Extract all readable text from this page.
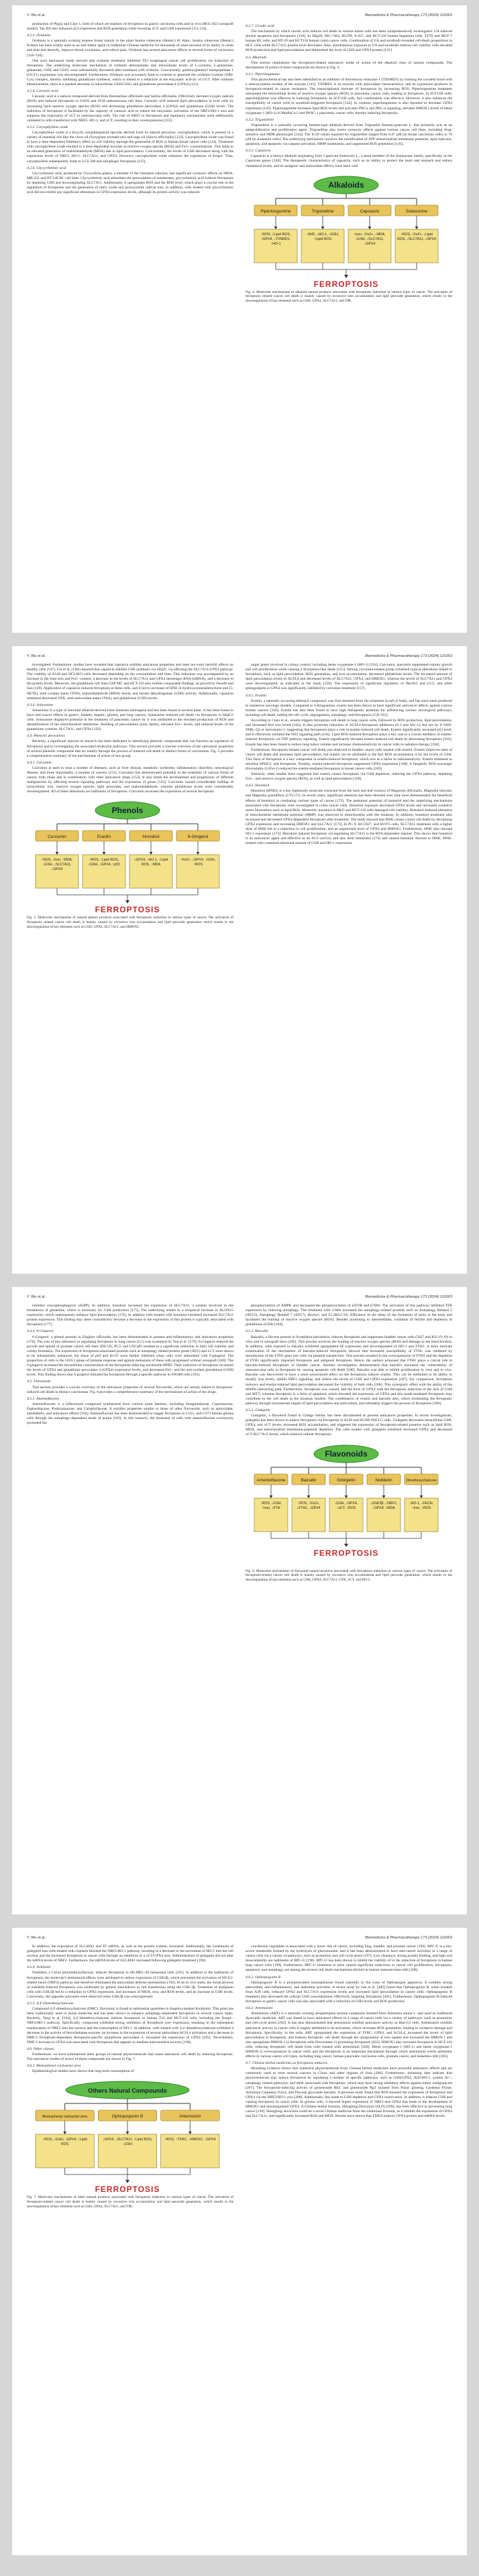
Y. Wu et al.	Biomedicine & Pharmacotherapy 173 (2024) 116363

production of Pkgs2 and Clpx-1, both of which are markers of ferroptosis in gastric carcinoma cells and in vivo (BGC-823 xenograft model). Tan IIA also enhances p53 expression and ROS generation while lowering xCT, and GSH expression [111,114].

4.2.3. Oridonin

Oridonin is a naturally existing terpene found mainly in the plant Isodon rubescens (Hemsl.) H. Hara.. Isodon rubescens (Hemsl.) H.Hara has been widely used as an anti-tumor agent in traditional Chinese medicine for thousands of years because of its ability to clean and heat and detoxify, improve blood circulation, and relieve pain. Oridonin has several anticancer effects in several forms of carcinoma [118–120].

One such anticancer study showed that oridonin treatment inhibited TE1 esophageal cancer cell proliferation via induction of ferroptosis. The underlying molecular mechanism of oridonin demonstrates that intracellular levels of L-cysteine, L-glutamine, glutamate, GSH, and GSSG were substantially decreased after treatment with oridonin. Concurrently, gamma-glutamyl transpeptidase 1 (GGT1) expression was downregulated. Furthermore, Oridonin was accurately bind to cysteine to generate the oridonin-cysteine (ORI-Cys) complex, thereby inhibiting glutathione synthesis, which is linked to a reduction in the enzymatic activity of GGT. After oridonin administration, there is a marked decrease in intracellular GSH/GSSG and glutathione peroxidase 4 (GPX4) [121].

4.2.4. Carnosic acid

Carnosic acid is a natural compound derived from Rosmarinus officinalis and Salvia officinalis. Effectively elevated oxygen radicals (ROS) and induced ferroptosis in U2OS and SCH osteosarcoma cell lines. Carnosic acid reduced lipid peroxidation in liver cells by increasing lipid reactive oxygen species (ROS) and decreasing glutathione peroxidase 4 (GPX4) and glutathione (GSH) levels. The induction of ferroptosis is facilitated by the capacity of carnosic acid to reduce the enzymatic activation of the NRF2/HO-1 axis and suppress the expression of xCT in osteosarcoma cells. The role of NRF2 in ferroptosis and regulatory mechanisms were additionally validated in cells transfected with NRF2, HO-1, and xCT, resulting in their overexpression [122].

4.2.5. Caryophyllene oxide

Caryophyllene oxide is a bicyclic sesquiterpenoid epoxide derived from its natural precursor, caryophyllene, which is present in a variety of essential oils like the clove oil (Syzygium aromaticum) and sage oil (Salvia officinalis) [123]. Caryophyllene oxide was found to have a dose-dependent inhibitory effect on cell viability through the generation of ROS in human breast cancer cells [124]. Treatment with caryophyllene oxide resulted in a dose-dependent increase in reactive oxygen species (ROS) and Fe2+ concentrations. This leads to an elevated generation of malondialdehyde (MDA) due to lipid peroxidation. Concurrently, the levels of GSH decreased along with the expression levels of NRF2, HO-1, SLC7A11, and GPX4. However, caryophyllene oxide enhances the expression of Keap1. Thus, caryophyllene subsequently leads to LCS-3M and autophagic ferroptosis [125].

4.2.6. Glycyrrhetinic acid

Glycyrrhetinic acid, produced by Glycyrrhiza glabra, a member of the triterpene subclass, has significant cytotoxic effects on MDA-MB-231 and BT-549 BC cell lines. Glycyrrhetinic acid stimulates the peroxidation of membranes, glycyrrhetinic acid induces ferroptosis by depleting GSH and downregulating SLC7A11. Additionally, it upregulates ROS and the ROS level, which plays a crucial role in the regulation of ferroptosis and the generation of nitric oxide and peroxynitrite radical ions. In addition, cells treated with glycyrrhetinic acid did not exhibit any significant alterations in GPX4 expression levels, although its protein activity was reduced.

4.2.7. Ursolic acid

The mechanism by which ursolic acid induces cell death in various tumor cells has been comprehensively investigated. UA induced several apoptosis and ferroptosis [130]. In SKp28, MG-7402, H1299, A-427, and HCT-116 human hepatoma cells, T47D and MCF-7 human BC cells, and HT-29 and HCT116 human colon cancer cells. Combination of UA and sorafenib revealed cell-death proportions in HCC cells while SLC7A11 protein level decreases. Also, simultaneous exposure to UA and sorafenib reduces cell viability with elevated ROS production and lipid peroxidation and diminished the level of GSH and GPX4 protein [131].

4.3. Alkaloids

This section emphasizes the ferroptosis-related anticancer mode of action of the alkaloid class of natural compounds. The mechanisms of action of these compounds are shown in Fig. 4.

4.3.1. Piperlongumine

This phytochemical has also been identified as an inhibitor of thioredoxin reductase 1 (TXNRD1) by forming the covalent bond with a selenocysteine residue of the enzyme [141]. TXNRD1 is an enzyme with antioxidant characteristics, and its expression produces in ferroptosis-related in cancer resistance. The transcriptional increase of ferroptosis by increasing ROS. Piperlongumine treatment stimulated the intracellular levels of reactive oxygen species (ROS) in pancreatic cancer cells, leading to ferroptosis. In SCF11H cells, piperlongumine was effective in inducing ferroptosis. In SCF11H cells, this combination was effective. However, it also enhances the susceptibility of cancer cells to sorafenib-triggered ferroptosis [142]. In contrast, piperlongumine is also reported to decrease GPX4 expression [143]. Piperlongumine increases lipid ROS levels and activates PKCα and PKC-α signaling, elevates HMOX1 levels of heme oxygenase-1 (HO-1) in MiaPaCa-2 and PANC-1 pancreatic cancer cells, thereby inducing ferroptosis.

4.3.2. Trigonelline

Trigonelline is a naturally occurring betaine-type alkaloid derived from Trigonella foenum-graecum L. that primarily acts as an antiproliferative and proliferative agent. Trigonelline also exerts cytotoxic effects against various cancer cell lines, including drug-sensitive and MDR phenotypes [144]. The IC50 values reported for trigonelline ranged from 0.47 µM (in breast carcinoma cells) to 78 µM (in leukemia cells). The underlying mechanism involves the modification of ATP mitochondrial membrane potential, lipid rejection, apoptosis, and apoptotic via caspase activation, MMP modulation, and augmented ROS generation [145].

4.3.3. Capsaicin

Capsaicin is a benzyl alkaloid originating from Capsicum frutescens L., a plant member of the Solanaceae family, specifically in the Capsicum genus [146]. The therapeutic characteristics of capsaicin, such as its ability to protect the heart and stomach and reduce cholesterol levels, and its analgesic and antioxidant effects, have been well

Alkaloids
Piperlongumine
↑ROS, ↑Lipid ROS,
↓GPX4, ↓TXNRD1,
↑HO-1
Trigonelline
↓Nrf2, ↓HO-1, ↓GSH,
↑Lipid ROS
Capsaicin
↑Iron, ↑Fe2+, ↑MDA,
↓GSH, ↓SLC7A11,
↓GPX4
Solasonine
↑ROS, ↑Fe2+, ↑Lipid
ROS, ↓SLC7A11, ↓GPX4
FERROPTOSIS
Fig. 4. Molecular mechanisms of alkaloid natural products associated with ferroptosis induction in various types of cancer. The activation of ferroptosis related cancer cell death is mainly caused by excessive iron accumulation and lipid peroxide generation, which results in the downregulation of key elements such as GSH, GPX4, SLC7A11, and TfR.
Y. Wu et al.	Biomedicine & Pharmacotherapy 173 (2024) 116363

investigated. Furthermore, studies have revealed that capsaicin exhibits anticancer properties and does not exert harmful effects on healthy cells [147]. Liu et al. [148] reported that capsaicin inhibits GSH synthesis via SIQ3C via affecting the SLC7A11/GPX4 pathway. The viability of A549 and NCI-H23 cells decreased depending on the concentration and time. This reduction was accompanied by an increase in the total iron and Fe2+ content, a decrease in the levels of SLC7A11 and GPX4 messenger RNA (mRNA), and a decrease in the protein levels. Moreover, the glutathione cell lines GSP-MC and HCT-116 also exhibit comparable findings, as proved by Osoulli and Sun [149]. Application of capsaicin induced ferroptosis in these cells, and it led to increases of HNE (4-hydroxynonenalstructures and (5-HETE), total oxidant status (TOS), malondialdehyde (MDA) levels, and lactate dehydrogenase (LDH) activity. Additionally, capsaicin treatment decreased GPX, total antioxidant status (TAS), and glutathione (GSH) levels.

4.3.4. Solasonine

Solasonine is a type of steroidal alkaloid derived from Solanum melongena and has been found in several plant. It has been found to have anti-cancer effects in gastric, bladder, hepatic, glioma, and lung cancers. Solasonine induced cell death via ferroptosis in HepG2 cells. Solasonine displayed potential in the treatment of pancreatic cancer by it was attributed to the elevated production of ROS and destabilization of the mitochondrial membrane. Building of peroxidation (poor lipids), elevated Fe2+ levels, and reduced levels of the glutathione cysteine, SLC7A11, and GPX4 [150].

4.4. Phenolic derivatives

Recently, a significant amount of research has been dedicated to identifying phenolic compounds that can function as regulators of ferroptosis and to investigating the associated molecular pathways. This section provides a concise overview of the anticancer properties of several phenolic compounds that act mainly through the process of induced cell death in distinct forms of carcinomas. Fig. 5 provides a comprehensive summary of the mechanisms of action of this group.

4.4.1. Curcumin

Curcumin is used to treat a number of illnesses, such as liver disease, metabolic syndrome, inflammatory disorders, neurological disease, and more importantly, a number of cancers [151]. Curcumin has demonstrated potential in the treatment of various forms of cancer, both alone and in combination with other anticancer drugs [152]. It also limits the development and progression of different malignancies by affecting several signaling pathways and the expression of genes [153]. Curcumin caused considerable buildup of intracellular iron, reactive oxygen species, lipid peroxides, and malondialdehyde, whereas glutathione levels were considerably downregulated. All of these alterations are hallmarks of ferroptosis. Curcumin increases the expression of several ferroptosis

Phenols
Curcumin
↑ROS, ↑Iron, ↑MDA,
↓GSH, ↓SLC7A11,
↓GPX4
Erastin
↑ROS, ↑Lipid ROS,
↓GSH, ↓GPX4, ↑p53
Honokiol
↓GPX4, ↑HO-1, ↑Lipid
ROS, ↑MDA
6-Gingerol
↑Fe2+, ↓GPX4, ↓GSH,
↑ROS
FERROPTOSIS
Fig. 5. Molecular mechanisms of natural phenol products associated with ferroptosis induction in various types of cancer. The activation of ferroptosis related cancer cell death is mainly caused by excessive iron accumulation and lipid peroxide generation which results in the downregulation of key elements such as GSH, GPX4, SLC7A11, and HMOX1.

target genes involved in colony control, including heme oxygenase-1 (HO-1) [154]. Curcumin, quercetin suppressed tumour growth and cell proliferation while causing a ferroptosis-like death [155]. Among curcumin-treated group exhibited typical alterations linked to ferroptosis, such as lipid peroxidation, ROS generation, and iron accumulation, decreased glutathione levels. The increased amount of lipid peroxidation levels of ACSL4 and decreased levels of SLC7A11, GPX4, and HMOX1, whereas the levels of SLC7A11 and GPX4 were downregulated, as indicated in the study [156]. The expression of significant regulators of Beclin1 and LC3, and other sphingolipids in GPX4 was significantly inhibited by curcumin treatment [157].

4.4.2. Erastin

Erastin, a naturally occurring bibenzyl compound, was first obtained from the ornament (Leaf) is India, and has since been produced in numerous oncology models. Compared to 6-thioguanine, erastin has been shown to have significant anticancer effects against various human cancers [158]. Erastin has also been found to have high therapeutic potential for influencing various oncological pathways, including cell death, halting the cell cycle, angiogenesis, autophagy, and ferroptosis [159–161].

According to Chen et al., erastin triggers ferroptosis cell death in lung cancer cells, followed by ROS production, lipid peroxidation, and increased free iron levels [162]. It also promotes induction of ACSL4-ferroptosis inhibitors (S-1 and SSc-1), but not by Z-VAD-FMK, Q2 or necrostatin-1, suggesting that ferroptosis plays a role in erastin-induced cell death. Erastin significantly increased p53 level, and it effectively initiated the Nrf2 signaling path [163]. Lipid ROS-induced ferroptosis plays a key role in a crucial mediator of erastin-induced ferroptosis via TNF pathway signaling. Erastin significantly elevated erastin-induced cell death by decreasing ferroptosis [163]. Erastin has also been found to reduce lung tumor volume and increase chemosensitivity in cancer cells to radiation therapy [164].

Furthermore, ferroptosis-related cancer cell death was observed in bladder cancer cells treated with erastin. Erastin improves rates of cancer cell death and increases lipid peroxidation, but erastin can be attributed to the fact ROS accumulation is by the levels of GSH. This form of ferroptosis is a key component in erastin-induced ferroptosis, which acts as a factor in radiosensitivity. Erastin treatment to sensitize HNSCC and ferroptosis. Notably, erastin-induced ferroptosis suppressed GPX4 expression [168]. A lipophilic ROS scavenger (Ferrostatin-1) (Fer-1) reduced the erastin-mediated ferroptosis in breast cancer cells [169].

Similarly, other studies have suggested that erastin causes ferroptosis via GSH depletion, inducing the GPX4 pathway, depleting Fe2+, and reactive oxygen species (ROS), as well as lipid peroxidation [169].

4.4.3. Honokiol

Honokiol (HNKI) is a key biphenolic molecule extracted from the bark and leaf extracts of Magnolia officinalis, Magnolia obovata, and Magnolia grandiflora [170,171]. In recent years, significant attention has been directed over time have demonstrated the beneficial effects of honokiol in combating various types of cancer [172]. The antitumor potential of honokiol and the underlying mechanisms associated with ferroptosis were investigated in colon cancer cells. Honokiol exposure decreased GPX4 levels and increased oxidative stress biomarkers such as lipid ROS. Moreover, honokiol in RKO and HCT-116 cells damaged cell viability. Honokiol-induced alteration in mitochondrial membrane potential (MMP) was observed in mitochondria with the bioassay. In addition, honokiol treatment also increased and decreased GPX4-dependent ferroptosis after treatment. The study showed that HNK causes cancer cell death by decreasing GPX4 expression and increasing HMOX1 and SLC7A11 [173]. In PC-9, HCC827, and H1975 cells, SLC7A11 treatment with a higher dose of HNK led to a reduction in cell proliferation, and an augmented level of GPX4 and HMOX1. Furthermore, HNK also rescued NO-1 expression (173). Honokiol induced ferroptosis via regulating SLC7A11 is the ROS-dependent manner. This shows that honokiol is an anticancer agent and effective as an ACC-activity and also limit metastasis (174) and caused honokiol showed to HNK; HNK-treated cells contained abnormal amount of GSH and HO-1 expression.

Y. Wu et al.	Biomedicine & Pharmacotherapy 173 (2024) 116363

inhibitor erucophosphopyrin (ZnPP). In addition, honokiol increased the expression of SLC7A11, a protein involved in the breakdown of glutamine, which is necessary for GSH production [175]. The underlying results in a reciprocal increase in ALOX15 expression, which subsequently enhance lipid peroxidation [176]. In addition cells treated with honokiol exhibited increased SLC7A11 protein expression. This finding may seem contradictory because a decrease in the expression of this protein is typically associated with ferroptosis [177].

4.4.4. 6-Gingerol

6-Gingerol, a phenol present in Zingiber officinale, has been demonstrated to possess anti-inflammatory and anticancer properties [178]. The role of this substance in regulating ferroptosis in lung cancer (LC) was examined by Tsai et al. [179]. 6-Gingerol reduced the growth and spread of prostate cancer cell lines (DU145, PC3, and LNCaP) resulted in a significant reduction in both cell viability and colony formation. The expression of ferroptosis-associated proteins such as autophagy related protein genes (ATG) and LC3 were shown to be substantially enhanced, but those of p62 and Ki-67 were further inhibited when cells were stimulated with 6-gingerol. The proportion of cells in the G0/G1 phase of immune response and against metastasis of these cells progressed without xenograft [180]. The 6-gingerol increased the intracellular concentration of the ferroptosis-inducing nucleoside HPRT. Their induction of ferroptosis increased the levels of GPX4 and glutathione peroxidase 4 (GPX4) expression levels, and decreased Fe2+ and the anti-oxidant glutathione (GSH) levels. This finding shows that 6-gingerol initiated the ferroptosis through a specific pathway in SW480 cells [181].

4.5. Flavonoids

This section provides a concise overview of the anticancer properties of several flavonoids, which are mostly linked to ferroptosis-induced cell death in distinct carcinomas. Fig. 6 provides a comprehensive summary of the mechanisms of action of the drugs.

4.5.1. Amentoflavone

Amentoflavone is a biflavonoid compound synthesized from various plant families, including Selaginellaceae, Cupressaceae, Euphorbiaceae, Podocarpaceae, and Calophyllaceae. It exhibits properties similar to those of other flavonoids, such as antioxidant, antidiabetic, and anticancer effects [182]. Amentoflavone has been demonstrated to trigger ferroptosis in U251, and U373 human glioma cells through the autophagy-dependent mode of action [183]. In this research, the treatment of cells with amentoflavone exclusively promoted the

phosphorylation of AMPK and decreased the phosphorylation of mTOR and p70S6. The activation of this pathway inhibited TFR expression by inducing autophagy. The treatment with 3-MA increased the autophagy-related proteins such as Autophagy Related 5 (ATG5), Autophagy Related 7 (ATG7), Beclin1, and LC3B/LC3A. Efficiency of the delay of the formation of lacks in the body and facilitates the buildup of reactive oxygen species (ROS). Besides promoting to intermediates, oxidation of ferritin and depletion of glutathione (GSH) [184].

4.5.2. Baicalin

Baicalin, a flavone present in Scutellaria baicalensis, induces ferroptosis and suppresses bladder cancer cells (5637 and KU-19-19) in vitro and in xenograft mice [185]. This process involves the buildup of reactive oxygen species (ROS) and damage to the mitochondria. In addition, cells exposed to baicalin exhibited upregulated SF expression and downregulated of HO-1 and FTH1. A more intricate examination of the mechanism of baicalin-induced ferroptosis showed that increased susceptibility of FTH1 was rendered by introduction of the FTH1 gene into cells via plasmid transfection. This process resulted in the overexpression of FTH1 and the depletion of FTH1 significantly impacted ferroptosis and antigenal ferroptosis. Hence, the authors proposed that FTH1 plays a crucial role in baicalin-induced ferroptosis in bladder cancer. Another investigation demonstrated that baicalin increased the vulnerability of osteosarcoma cells to ferroptosis by causing apoptotic cell death [186]. Baicalin was able to inhibit proliferation in vitro and in vivo. Baicalin was discovered to have a more pronounced effect on the ferroptosis inducer erastin. This can be attributed to its ability to modify iron levels, inhibit NRF2 signaling, and reduce the levels of GSH and GPX4 expression [187]. For comparison, ferroptosis inducers and erastin-induced lipid peroxidation decreased the viability of both cells [188]. This synergistic effect with the ability of the MAPK-interacting path. Furthermore, ferroptosis was caused, and the level of GPX4 with the ferroptosis induction of the lack of GSH and MTT, whereas ferroptosis is a form of apoptosis which elevated the expression of GPX4 and this made-mediated ferroptosis may contribute to the cell death in the bioassay models. The combination of erastin and baicalin also, which modulating the ferroptotic pathway through downstream targets of lipid peroxidation and antioxidant, and ultimately triggers the process of ferroptosis [189].

4.5.3. Ginkgetin

Ginkgetin, a flavonoid found in Ginkgo biloba, has been documented to possess anticancer properties. In recent investigations, ginkgetin has been shown to induce ferroptosis via ferroptosis in A549 and H1299 NSCLC cells. Ginkgetin decreased intracellular GSH, GPX4, and xCT levels, increased ROS accumulation, and triggered the expression of ferroptosis-related proteins such as lipid ROS, MDA, and mitochondrial membrane-potential depletion. The cells treated with ginkgetin exhibited increased GPX4 and decreased xCT/SLC7A11 levels, which induced cellular ferroptosis.

Flavonoids
Amentoflavone
↑ROS, ↓GSH,
↑Iron, ↓FTH
Baicalin
↑ROS, ↑Fe2+,
↓FTH1, ↓GPX4
Ginkgetin
↓GSH, ↓GPX4,
↓xCT, ↑ROS
Nobiletin
↓GSK3β, ↓NRF2,
↓GPX4, ↑MDA
Dimethoxychalcone
↑HO-1, ↓FECH,
↑Iron, ↑ROS
FERROPTOSIS
Fig. 6. Molecular mechanisms of flavonoid natural products associated with ferroptosis induction in various types of cancer. The activation of ferroptosis-related cancer cell death is mainly caused by excessive iron accumulation and lipid peroxide generation, which results in the downregulation of key elements such as GSH, GPX4, SLC7A11, GPX, xCT, and HO-1.
Y. Wu et al.	Biomedicine & Pharmacotherapy 173 (2024) 116363

In addition, the expression of SLC40A1 and TF mRNA, as well as the protein content, increased. Additionally, the constituent of ginkgetin into cells treated with cisplatin blocked the NRF2/HO-1 pathway, resulting in a decrease in the movement of HO-1 into the cell nucleus and the increased ferroptosis in cancer cells through an inhibition in a xCT/GPX4 axis. Administration of ginkgetin did not alter the mRNA levels of NRF2. Furthermore, the mRNA levels of SLC40A1 increased following ginkgetin treatment [190].

4.5.4. Nobiletin

Nobiletin, a Citrus polymethoxyflavone, induces ferroptosis in SK-MEL-28 melanoma cells [191]. In addition to the hallmarks of ferroptosis, the molecule's antitumoral effects were attributed to reduce expression of GSK3β, which prevented the activation of NF-E2-related factor (NRF2) pathway and therefore eliminated the antioxidant defense mechanisms [192]. In an in vivo study, the initial process of nobiletin-induced ferroptosis was confirmed by genetic knockdown or cell transfection using the GSK-3β. Treatment of malignant cells with GSK3β led to a reduction in GPX4 expression, and increases of MDA, iron, and ROS levels, and an increase in GSH levels. Conversely, the opposite outcomes were observed when GSK3β was overexpressed.

4.5.5. 4,4'-Dimethoxychalcone

Compound 4,4'-dimethoxychalcone (DMC), flavonoid, is found in substantial quantities in Angelica keiskei Koidzumi. This plant has been traditionally used in Asian medicine and has been shown to enhance autophagy-dependent ferroptosis in several cancer types. Recently, Yang et al. [194], 4,4'-dimethoxychalcone induces ferroptosis in human T24 and HCT-116 cells, including the Keap1–NRF2/HO-1 pathway. Specifically, compound exhibited strong inhibition of ferroptosis over expression, resulting in the subsequent translocation of NRF2 into the nucleus and the transcription of HO-1. In addition, cells treated with 4,4'-dimethoxychalcone exhibited a decrease in the activity of ferrochelatase enzyme, an increase in the expression of several antioxidant ACSL4 activation and a decrease in DMC's ferroptosis-dependent ferroptosis-specific glutathione peroxidase 4, increased the expression of GPX4 [195]. Nevertheless, DMC's increase in GPX4 was associated with ferroptosis that appears to mediate mitochondria toxicity [196].

4.6. Other classes

Furthermore, we have summarized other groups of natural phytochemicals that cause anticancer cell death by inducing ferroptosis. The anticancer modes of action of these compounds are shown in Fig. 7.

4.6.1. Benzophenyl carbazolyl urea

Epidemiological studies have shown that long-term consumption of

Others Natural Compounds
Benzophenyl carbazolyl urea
↑ROS, ↓GSH, ↓GPX4, ↑Lipid
ROS
Ophiopogonin B
↓GPX4, ↓SLC7A11, ↑Lipid ROS,
↓GSH
Artemisinin
↑ROS, ↑TFRC, ↑HMOX1, ↓GPX4
FERROPTOSIS
Fig. 7. Molecular mechanisms of other natural products associated with ferroptosis induction in various types of cancer. The activation of ferroptosis-related cancer cell death is mainly caused by excessive iron accumulation and lipid peroxide generation, which results in the downregulation of key elements such as GSH, GPX4, SLC7A11, and TfR.

cruciferous vegetables is associated with a lower risk of cancer, including lung, bladder, and prostate cancer [196]. BPC-U is a bio-active metabolite formed by the hydrolysis of glucosinolate, and it has been demonstrated to have anti-cancer activities in a range of cancer cells via a variety of pathways, such as promotion and cell-cycle arrest [197]. Low clearance, strong protein binding, and high oral bioavailability are hallmarks of BPC-U [198]. BPC-U has been shown to inhibit the viability of in the induction of ferroptosis in human lung cancer cells [199]. Furthermore, BPC-U treatment in mice caused significant reductions in cancer cell proliferation, ferroptosis, apoptosis, and autophagy are among the several cell death mechanisms elicited in human osteosarcoma cells [200].

4.6.2. Ophiopogonin B

Ophiopogonin B is a polyprenylated benzophenone found naturally in the roots of Ophiopogon japonicus. It exhibits strong antioxidant, anti-inflammatory, and antitumor activities. A recent study by Lee et al. [200] found that Ophiopogonin B, when isolated from A38 cells, reduced GPX4 and SLC7A11 expression levels and increased lipid peroxidation in cancer cells. Ophiopogonin B treatment also decreased the cellular GSH concentrations, effectively targeting ferroptosis [201]. Furthermore, Ophiopogonin B-induced ferroptosis in gastric cancer cells was also associated with a reduction of GSH levels and ROS production.

4.6.3. Artemisinin

Artemisinin (ART) is a naturally existing sesquiterpene lactone compound isolated from Artemisia annua L. and used as traditional Ayurvedic medicine. ART was found to have anticancer effects in a range of cancer cells via a variety of pathways, such as promotion and cell-cycle arrest [202]. It has also demonstrated that artemisinin exhibits anticancer activity in Hep-G2 cells. Artemisinin exhibits anticancer activity in cancer cells is largely attributed to its activation, which increases ROS generation, leading to oxidative damage and ferroptosis. Specifically, in the cells, ART upregulated the expression of TFRC, GPX4, and ACSL4, increased the levels of lipid peroxidation in ferroptosis, and induces ferroptotic cell death through the upregulation of iron uptake and increased the HMOX-1 and also upregulates HMOX-1 in ferroptosis cells (Ferrostatin-1) promoting ferroptosis [203]. HMOX1 also increases ferroptosis in HCT-116 cells, reducing ferroptotic cell death from cells treated with artemisinin [204]. Heme oxygenase-1 (HO-1) and heme oxygenase-1 (HMOX-1) overexpression in cancer cells, and the ferroptosis is an important mechanism through which artemisinin exerts antitumor effects in various cancer cell types, including lung cancer, human pancreatic carcinoma cells, prostate cancer, and leukemia cells [205].

4.7. Chinese herbal medicines as ferroptosis inducers

Mounting evidence shows that numerous phytochemicals from Chinese herbal medicines have powerful anticancer effects and are commonly used to treat several cancers in China and other regions of Asia [206]. Furthermore, mounting data indicate that phytochemicals may induce ferroptosis by regulating a number of specific pathways, such as GSH/GPX4, Nrf2/HO-1, system Xc−, autophagy related pathways, and other associated with ferroptosis, which may have strong inhibitory effects against tumor malignancies [207]. The ferroptosis-inducing activity of ginsenoside Rh3, and ginsenoside Rg3 isolated from Panax ginseng, Gardenia Florae, Artemisia Carpeseia Vulva, and Flavone glycoside baicalin. A previous study found that ROS boosted the expression of ferroptosis and GPX4 via the NRF2/HO-1 axis [208]. Additionally, this leads to GSH depletion and GPX4 inactivation. In addition, it induces GSH and causing ferroptosis in cancer cells. In glioma cells, it showed higher expression of NRF2 and GPX4 that leads to the development of HMOX1 and downregulated GPX4. A Chinese herbal formula, Shenglong Decoction (SLD) [209], has been effective in preventing lung cancer [210]. Shenglong decoction could be a novel Chinese medicine from the traditional formula, as it inhibits the expression of GPX4 and SLC7A11, and significantly increased ROS and MDA. Results have shown that FDKA induces GPX4 protein and mRNA levels.
